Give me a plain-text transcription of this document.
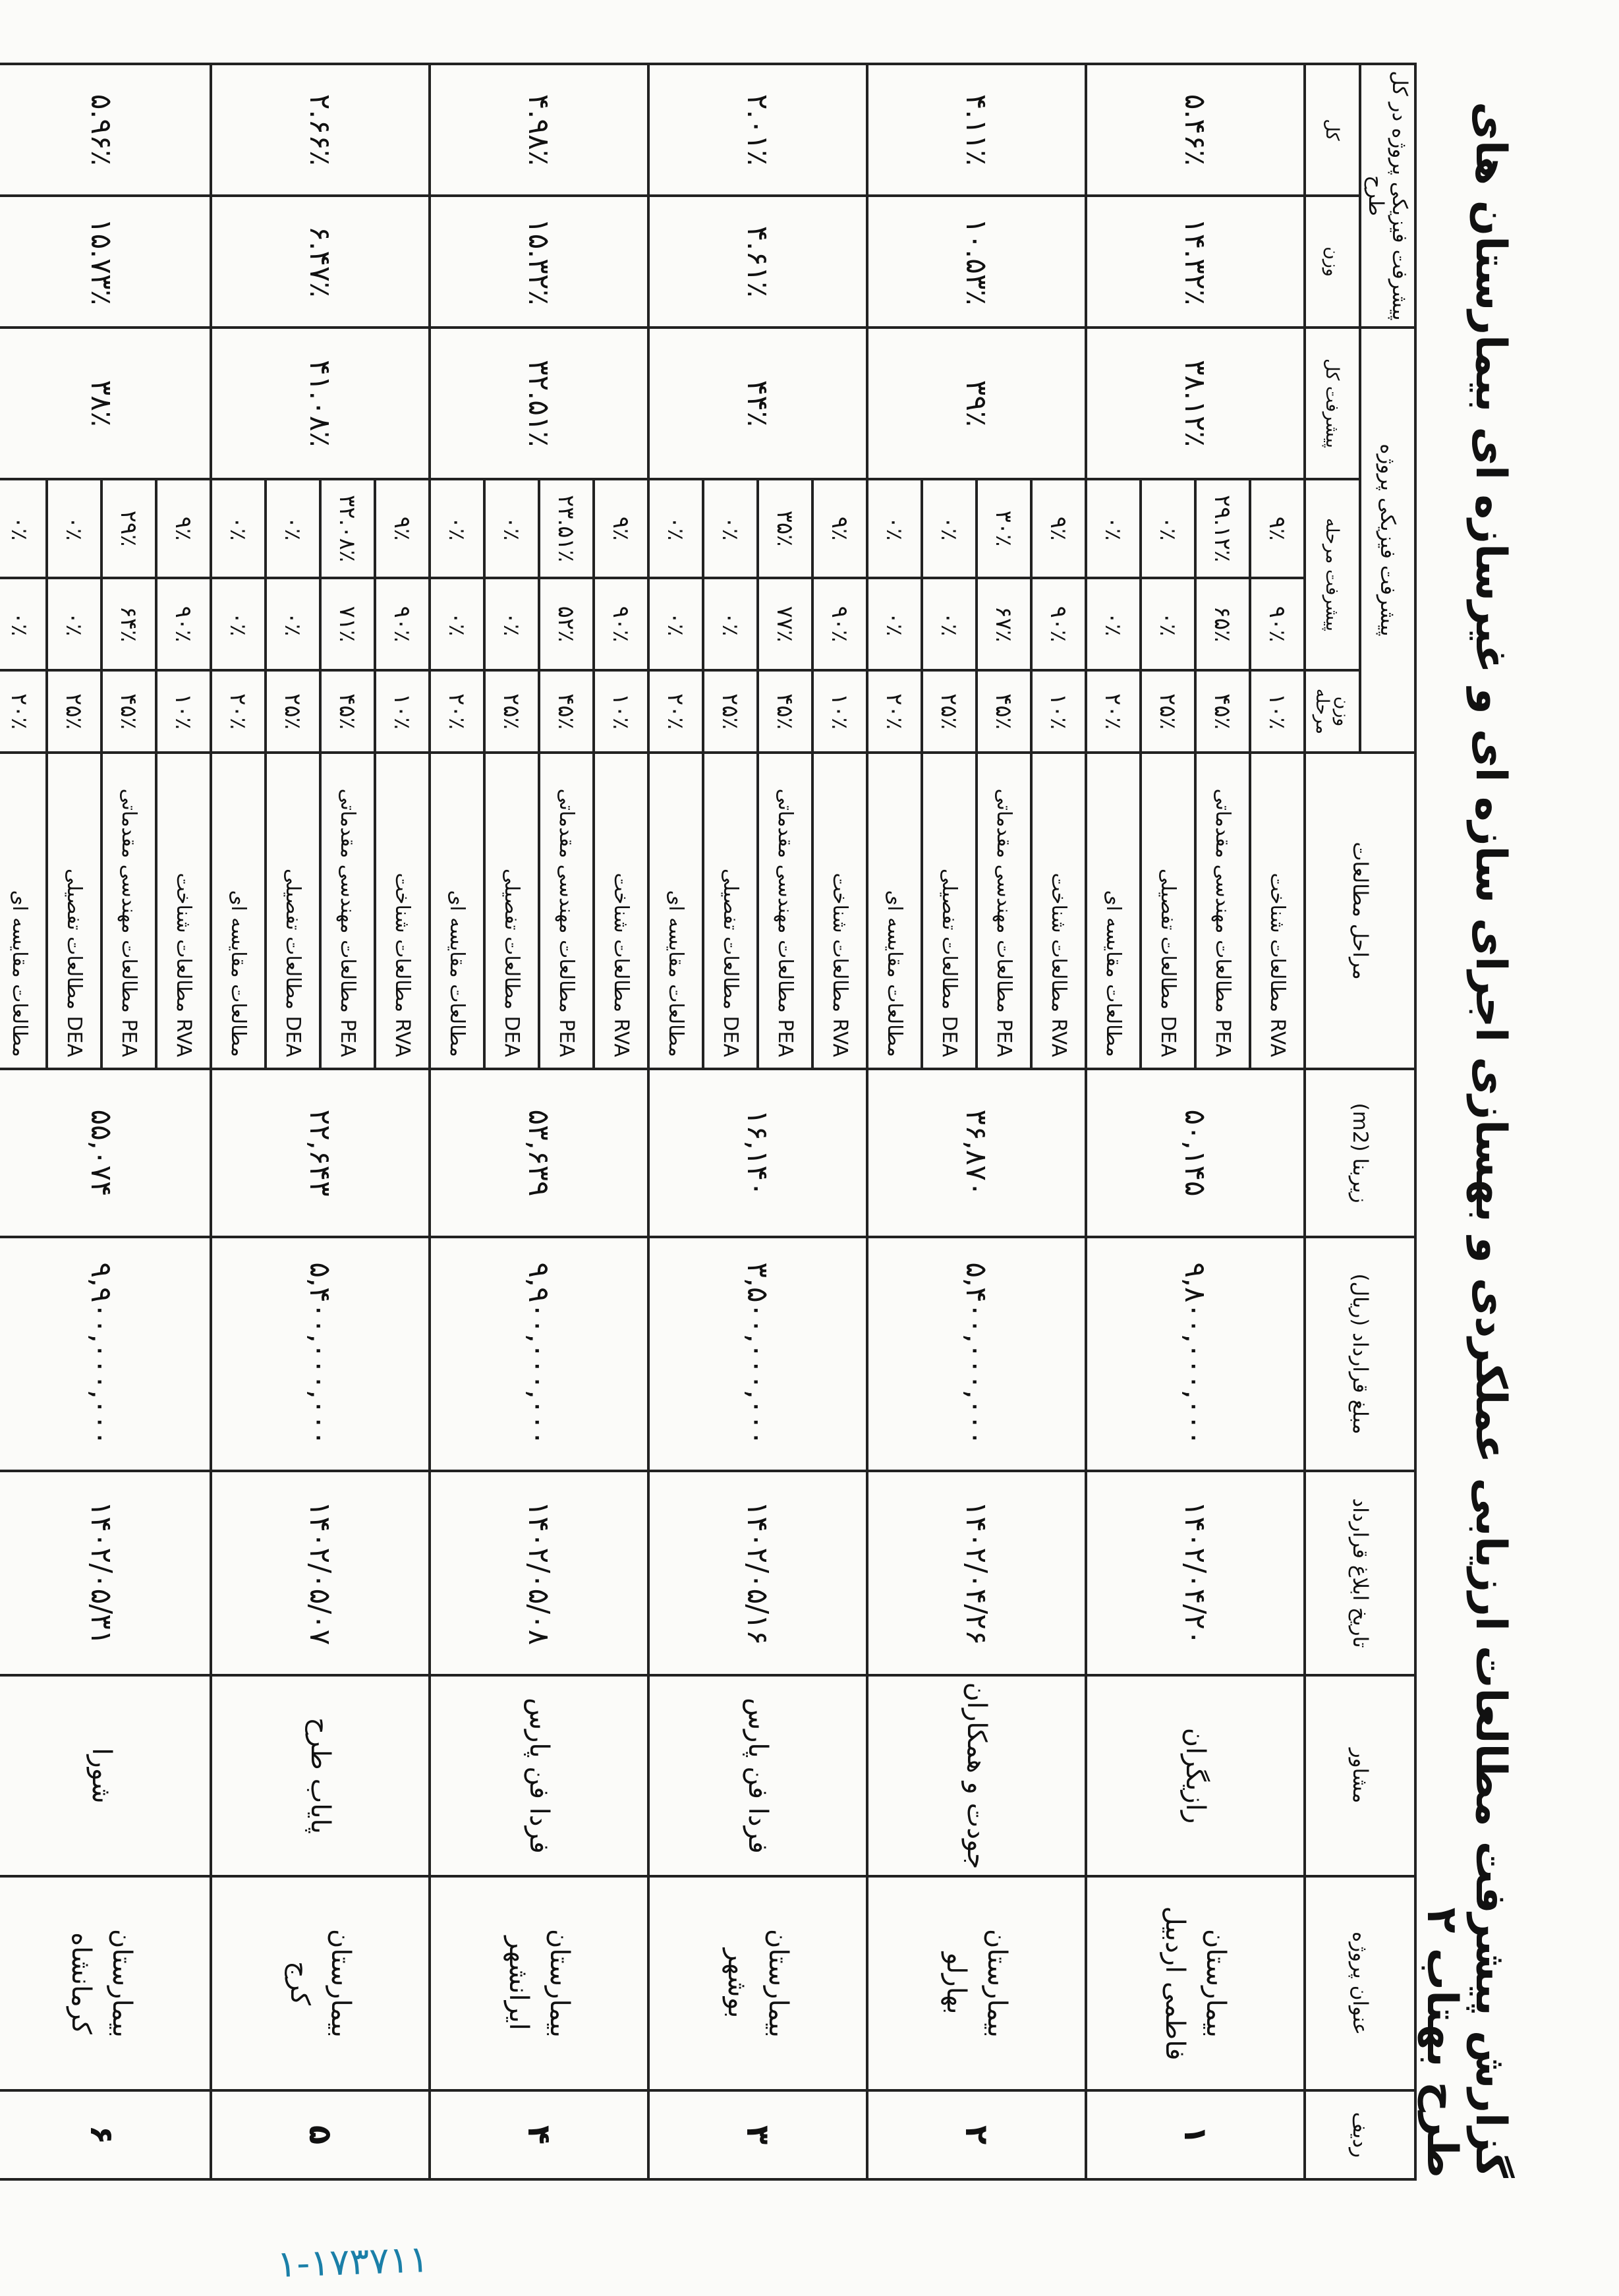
گزارش پیشرفت مطالعات ارزیابی عملکردی و بهسازی اجرای سازه ای و غیرسازه ای بیمارستان های طرح بهتاب ۲
ردیف	عنوان پروژه	مشاور	تاریخ ابلاغ قرارداد	مبلغ قرارداد (ریال)	زیربنا (m2)	مراحل مطالعات	پیشرفت فیزیکی پروژه				پیشرفت فیزیکی پروژه در کل طرح	
							وزن مرحله	پیشرفت مرحله		پیشرفت کل	وزن	کل
۱	بیمارستان
فاطمی اردبیل	رازیگران	۱۴۰۲/۰۴/۲۰	۹,۸۰۰,۰۰۰,۰۰۰	۵۰,۱۴۵	RVA مطالعات شناخت	۱۰٪	۹۰٪	۹٪	۳۸.۱۲٪	۱۴.۳۲٪	۵.۴۶٪
						PEA مطالعات مهندسی مقدماتی	۴۵٪	۶۵٪	۲۹.۱۲٪			
						DEA مطالعات تفصیلی	۲۵٪	۰٪	۰٪			
						مطالعات مقایسه ای	۲۰٪	۰٪	۰٪			
۲	بیمارستان
بهارلو	جودت و همکاران	۱۴۰۲/۰۴/۲۶	۵,۴۰۰,۰۰۰,۰۰۰	۳۶,۸۷۰	RVA مطالعات شناخت	۱۰٪	۹۰٪	۹٪	۳۹٪	۱۰.۵۳٪	۴.۱۱٪
						PEA مطالعات مهندسی مقدماتی	۴۵٪	۶۷٪	۳۰٪			
						DEA مطالعات تفصیلی	۲۵٪	۰٪	۰٪			
						مطالعات مقایسه ای	۲۰٪	۰٪	۰٪			
۳	بیمارستان
بوشهر	فردا فن پارس	۱۴۰۲/۰۵/۱۶	۳,۵۰۰,۰۰۰,۰۰۰	۱۶,۱۴۰	RVA مطالعات شناخت	۱۰٪	۹۰٪	۹٪	۴۴٪	۴.۶۱٪	۲.۰۱٪
						PEA مطالعات مهندسی مقدماتی	۴۵٪	۷۷٪	۳۵٪			
						DEA مطالعات تفصیلی	۲۵٪	۰٪	۰٪			
						مطالعات مقایسه ای	۲۰٪	۰٪	۰٪			
۴	بیمارستان
ایرانشهر	فردا فن پارس	۱۴۰۲/۰۵/۰۸	۹,۹۰۰,۰۰۰,۰۰۰	۵۳,۶۳۹	RVA مطالعات شناخت	۱۰٪	۹۰٪	۹٪	۳۲.۵۱٪	۱۵.۳۲٪	۴.۹۸٪
						PEA مطالعات مهندسی مقدماتی	۴۵٪	۵۲٪	۲۳.۵۱٪			
						DEA مطالعات تفصیلی	۲۵٪	۰٪	۰٪			
						مطالعات مقایسه ای	۲۰٪	۰٪	۰٪			
۵	بیمارستان
کرج	پایاب طرح	۱۴۰۲/۰۵/۰۷	۵,۴۰۰,۰۰۰,۰۰۰	۲۲,۶۴۳	RVA مطالعات شناخت	۱۰٪	۹۰٪	۹٪	۴۱.۰۸٪	۶.۴۷٪	۲.۶۶٪
						PEA مطالعات مهندسی مقدماتی	۴۵٪	۷۱٪	۳۲.۰۸٪			
						DEA مطالعات تفصیلی	۲۵٪	۰٪	۰٪			
						مطالعات مقایسه ای	۲۰٪	۰٪	۰٪			
۶	بیمارستان
کرمانشاه	شورا	۱۴۰۲/۰۵/۳۱	۹,۹۰۰,۰۰۰,۰۰۰	۵۵,۰۷۴	RVA مطالعات شناخت	۱۰٪	۹۰٪	۹٪	۳۸٪	۱۵.۷۳٪	۵.۹۶٪
						PEA مطالعات مهندسی مقدماتی	۴۵٪	۶۴٪	۲۹٪			
						DEA مطالعات تفصیلی	۲۵٪	۰٪	۰٪			
						مطالعات مقایسه ای	۲۰٪	۰٪	۰٪			
۱-۱۷۳۷۱۱
